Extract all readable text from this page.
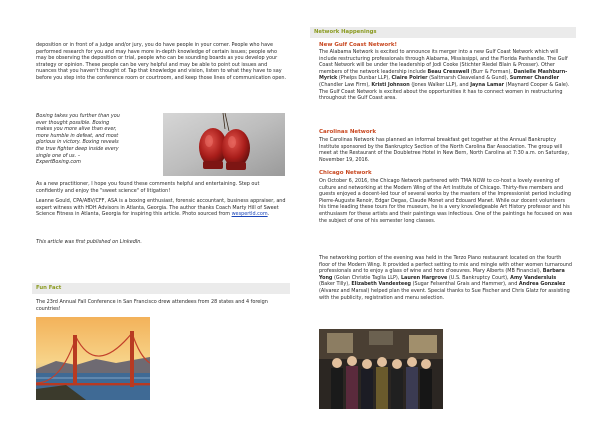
deposition or in front of a judge and/or jury, you do have people in your corner. People who have performed research for you and may have more in-depth knowledge of certain issues; people who may be observing the deposition or trial, people who can be sounding boards as you develop your strategy or opinion. These people can be very helpful and may be able to point out issues and nuances that you haven't thought of. Tap that knowledge and vision, listen to what they have to say before you step into the conference room or courtroom, and keep those lines of communication open.

Boxing takes you further than you ever thought possible. Boxing makes you more alive than ever, more humble in defeat, and most glorious in victory. Boxing reveals the true fighter deep inside every single one of us. – ExpertBoxing.com

As a new practitioner, I hope you found these comments helpful and entertaining. Step out confidently and enjoy the "sweet science" of litigation!

Leanne Gould, CPA/ABV/CFF, ASA is a boxing enthusiast, forensic accountant, business appraiser, and expert witness with HDH Advisors in Atlanta, Georgia. The author thanks Coach Marty Hill of Sweet Science Fitness in Atlanta, Georgia for inspiring this article. Photo sourced from wespertld.com.

This article was first published on LinkedIn.

Fun Fact

The 23rd Annual Fall Conference in San Francisco drew attendees from 28 states and 4 foreign countries!

Network Happenings
New Gulf Coast Network!

The Alabama Network is excited to announce its merger into a new Gulf Coast Network which will include restructuring professionals through Alabama, Mississippi, and the Florida Panhandle. The Gulf Coast Network will be under the leadership of Jodi Cooke (Stichter Riedel Blain & Prosser). Other members of the network leadership include Beau Cresswell (Burr & Forman), Danielle Mashburn-Myrick (Phelps Dunbar LLP), Claire Poirier (Saltmarsh Cleaveland & Gund), Summer Chandler (Chandler Law Firm), Kristi Johnson (Jones Walker LLP), and Jayna Lamar (Maynard Cooper & Gale). The Gulf Coast Network is excited about the opportunities it has to connect women in restructuring throughout the Gulf Coast area.

Carolinas Network

The Carolinas Network has planned an informal breakfast get together at the Annual Bankruptcy Institute sponsored by the Bankruptcy Section of the North Carolina Bar Association. The group will meet at the Restaurant of the Doubletree Hotel in New Bern, North Carolina at 7:30 a.m. on Saturday, November 19, 2016.

Chicago Network

On October 6, 2016, the Chicago Network partnered with TMA NOW to co-host a lovely evening of culture and networking at the Modern Wing of the Art Institute of Chicago. Thirty-five members and guests enjoyed a docent-led tour of several works by the masters of the Impressionist period including Pierre-Auguste Renoir, Edgar Degas, Claude Monet and Edouard Manet. While our docent volunteers his time leading these tours for the museum, he is a very knowledgeable Art History professor and his enthusiasm for these artists and their paintings was infectious. One of the paintings he focused on was the subject of one of his semester long classes.

The networking portion of the evening was held in the Terzo Piano restaurant located on the fourth floor of the Modern Wing. It provided a perfect setting to mix and mingle with other women turnaround professionals and to enjoy a glass of wine and hors d'oeuvres. Mary Alberts (MB Financial), Barbara Yong (Golan Christie Taglia LLP), Lauren Hargrove (U.S. Bankruptcy Court), Amy Vandersluis (Baker Tilly), Elizabeth Vandesteeg (Sugar Felsenthal Grais and Hammer), and Andrea Gonzalez (Alvarez and Marsal) helped plan the event. Special thanks to Sue Fischer and Chris Glatz for assisting with the publicity, registration and menu selection.
